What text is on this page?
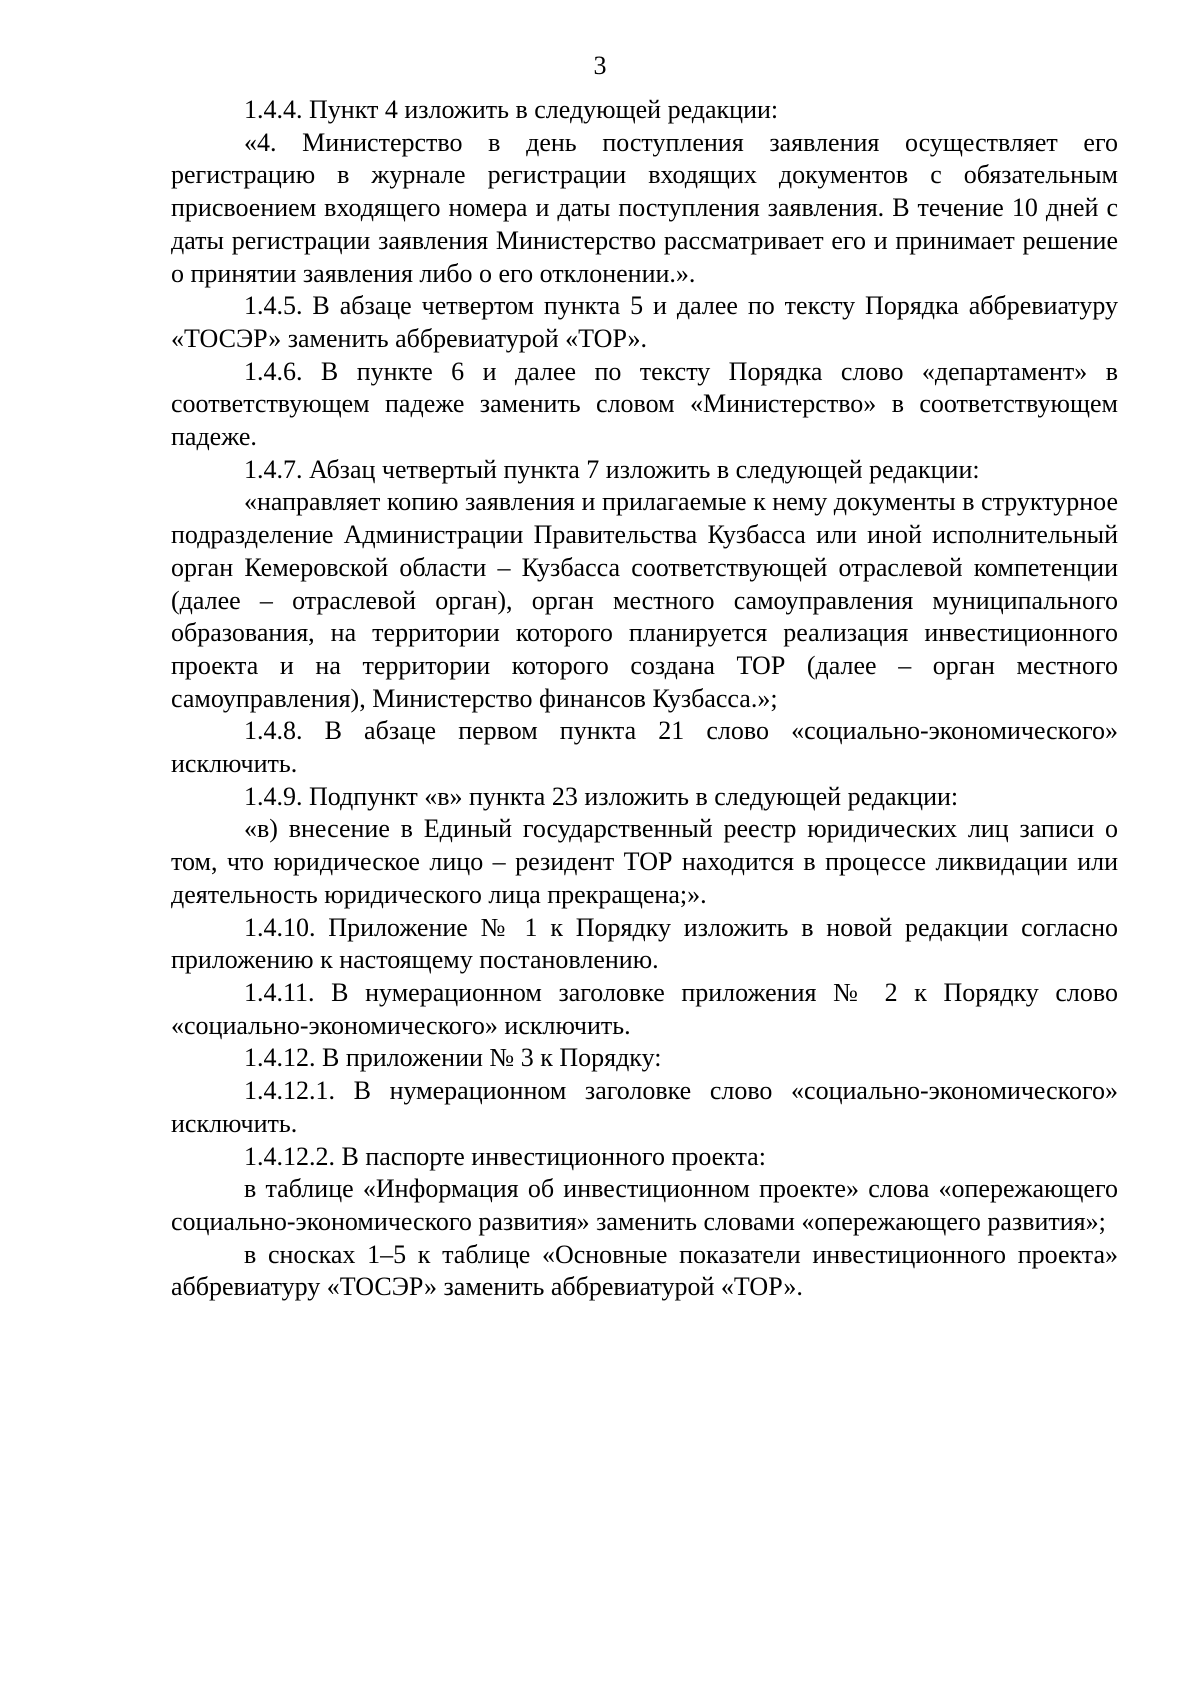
3

1.4.4. Пункт 4 изложить в следующей редакции:

«4. Министерство в день поступления заявления осуществляет его регистрацию в журнале регистрации входящих документов с обязательным присвоением входящего номера и даты поступления заявления. В течение 10 дней с даты регистрации заявления Министерство рассматривает его и принимает решение о принятии заявления либо о его отклонении.».

1.4.5. В абзаце четвертом пункта 5 и далее по тексту Порядка аббревиатуру «ТОСЭР» заменить аббревиатурой «ТОР».

1.4.6. В пункте 6 и далее по тексту Порядка слово «департамент» в соответствующем падеже заменить словом «Министерство» в соответствующем падеже.

1.4.7. Абзац четвертый пункта 7 изложить в следующей редакции:

«направляет копию заявления и прилагаемые к нему документы в структурное подразделение Администрации Правительства Кузбасса или иной исполнительный орган Кемеровской области – Кузбасса соответствующей отраслевой компетенции (далее – отраслевой орган), орган местного самоуправления муниципального образования, на территории которого планируется реализация инвестиционного проекта и на территории которого создана ТОР (далее – орган местного самоуправления), Министерство финансов Кузбасса.»;

1.4.8. В абзаце первом пункта 21 слово «социально-экономического» исключить.

1.4.9. Подпункт «в» пункта 23 изложить в следующей редакции:

«в) внесение в Единый государственный реестр юридических лиц записи о том, что юридическое лицо – резидент ТОР находится в процессе ликвидации или деятельность юридического лица прекращена;».

1.4.10. Приложение № 1 к Порядку изложить в новой редакции согласно приложению к настоящему постановлению.

1.4.11. В нумерационном заголовке приложения № 2 к Порядку слово «социально-экономического» исключить.

1.4.12. В приложении № 3 к Порядку:

1.4.12.1. В нумерационном заголовке слово «социально-экономического» исключить.

1.4.12.2. В паспорте инвестиционного проекта:

в таблице «Информация об инвестиционном проекте» слова «опережающего социально-экономического развития» заменить словами «опережающего развития»;

в сносках 1–5 к таблице «Основные показатели инвестиционного проекта» аббревиатуру «ТОСЭР» заменить аббревиатурой «ТОР».
